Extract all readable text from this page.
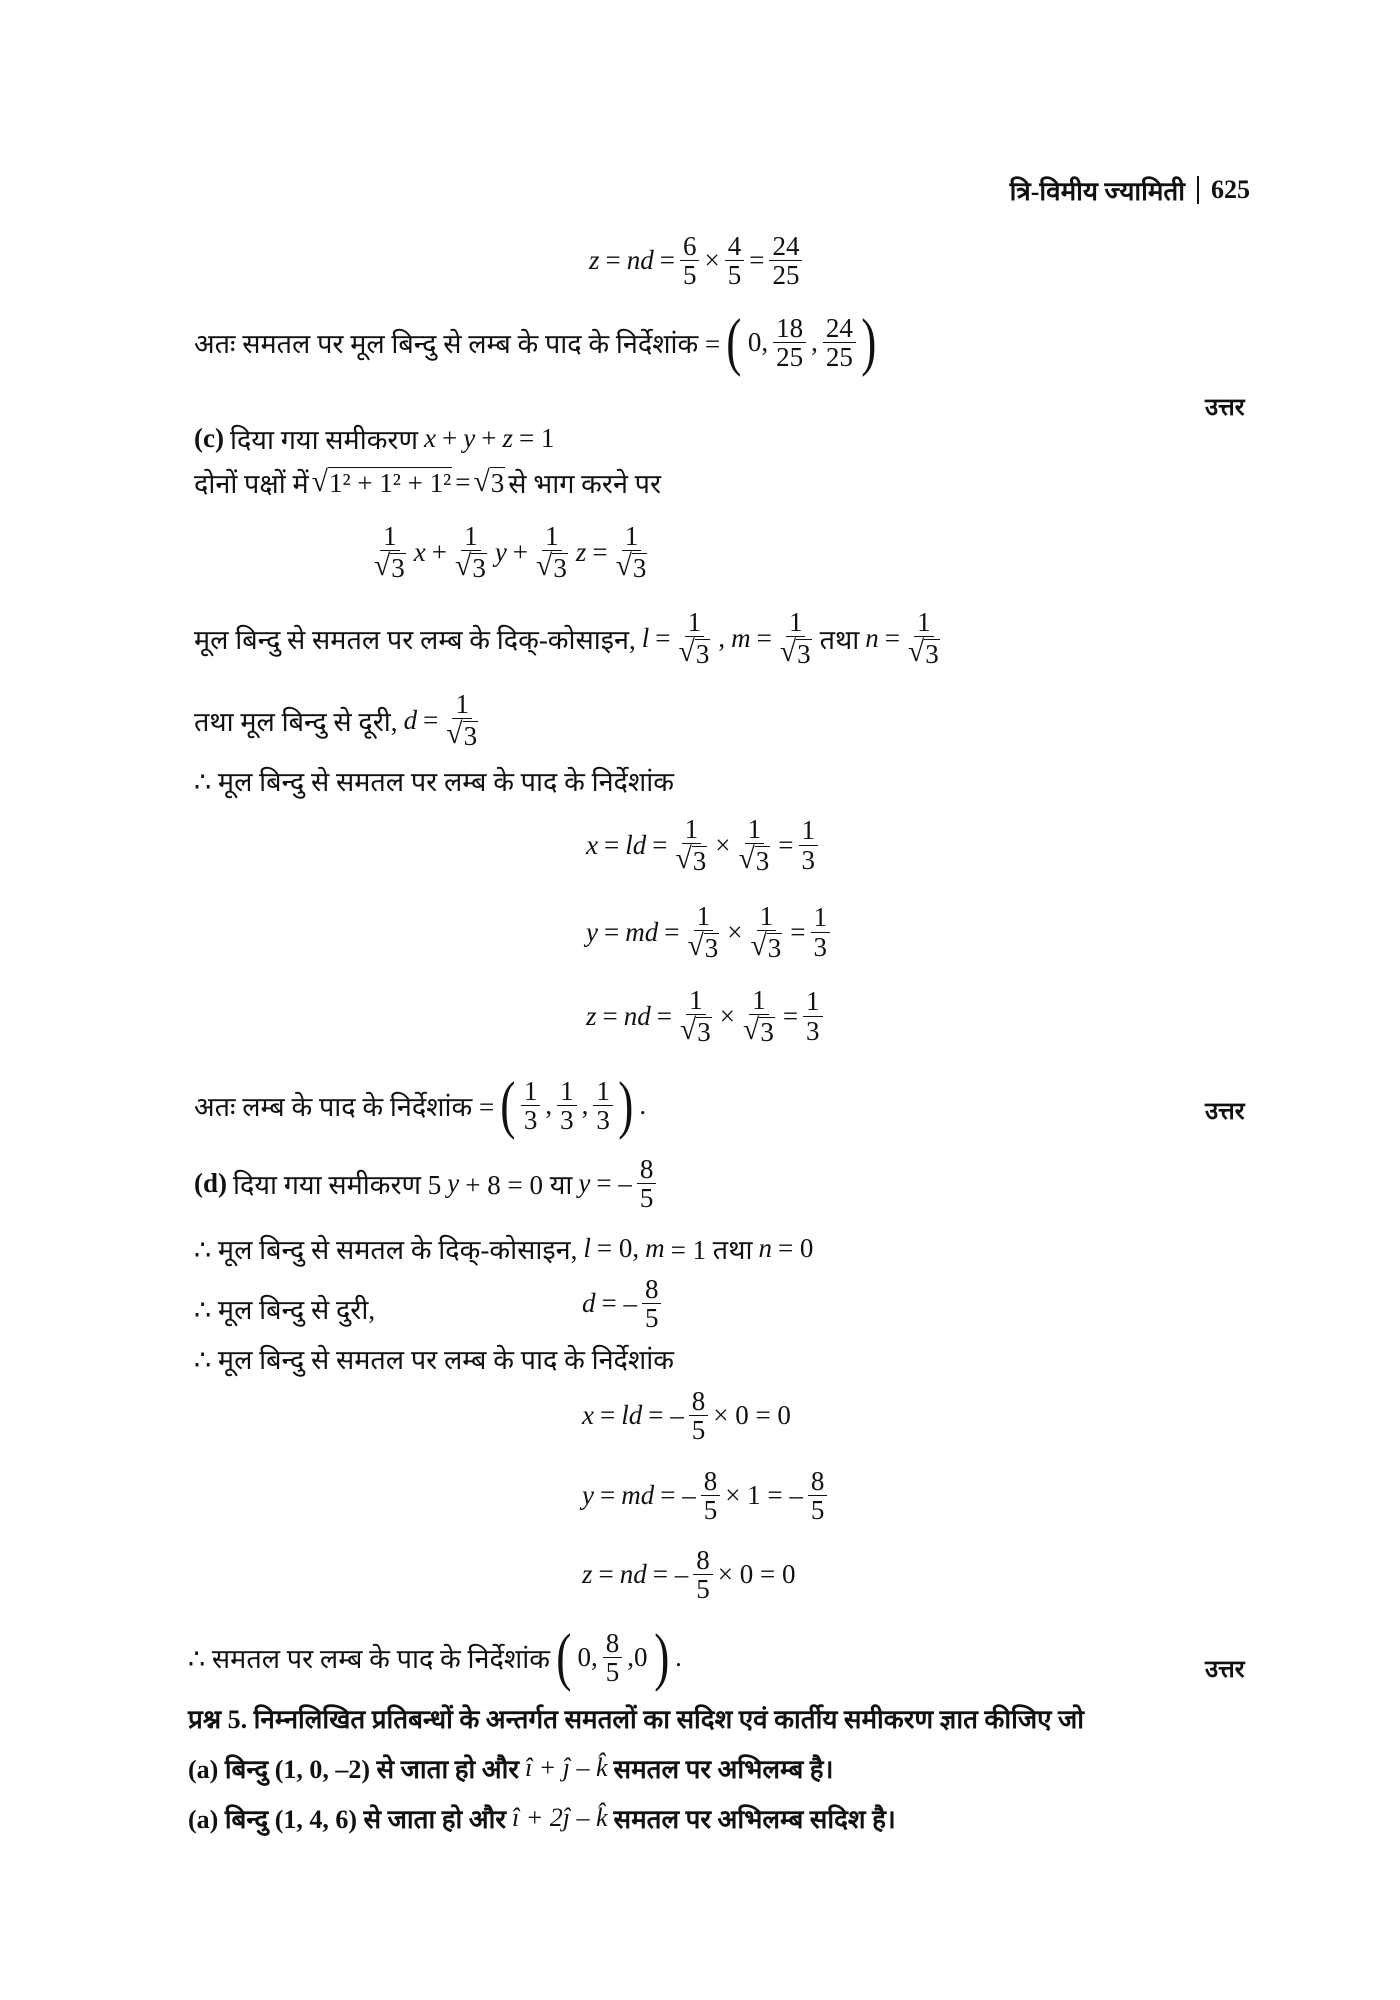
त्रि-विमीय ज्यामिती 625
z = nd = $\frac{6}{5} \times \frac{4}{5} = \frac{24}{25}$
अतः समतल पर मूल बिन्दु से लम्ब के पाद के निर्देशांक = ( 0, $\frac{18}{25}$ , $\frac{24}{25}$ )
उत्तर
(c) दिया गया समीकरण x + y + z = 1
दोनों पक्षों में √ 1² + 1² + 1² = √ 3 से भाग करने पर
$\frac{1}{√ 3}$ $x + \frac{1}{√ 3}$ $y + \frac{1}{√ 3}$ $z = \frac{1}{√ 3}$
मूल बिन्दु से समतल पर लम्ब के दिक्-कोसाइन, $l = \frac{1}{√ 3}$ , $m = \frac{1}{√ 3}$ तथा $n = \frac{1}{√ 3}$
तथा मूल बिन्दु से दूरी, $d = \frac{1}{√ 3}$
∴ मूल बिन्दु से समतल पर लम्ब के पाद के निर्देशांक
x = ld = $\frac{1}{√ 3} \times \frac{1}{√ 3} = \frac{1}{3}$
y = md = $\frac{1}{√ 3} \times \frac{1}{√ 3} = \frac{1}{3}$
z = nd = $\frac{1}{√ 3} \times \frac{1}{√ 3} = \frac{1}{3}$
अतः लम्ब के पाद के निर्देशांक = ( $\frac{1}{3}$ , $\frac{1}{3}$ , $\frac{1}{3}$ ) .	उत्तर
(d) दिया गया समीकरण 5 y + 8 = 0 या y = – $\frac{8}{5}$
∴ मूल बिन्दु से समतल के दिक्-कोसाइन, l = 0, m = 1 तथा n = 0
∴ मूल बिन्दु से दुरी,	d = – $\frac{8}{5}$
∴ मूल बिन्दु से समतल पर लम्ब के पाद के निर्देशांक
x = ld = – $\frac{8}{5} \times 0 = 0$
y = md = – $\frac{8}{5} \times 1$ = – $\frac{8}{5}$
z = nd = – $\frac{8}{5} \times 0 = 0$
∴ समतल पर लम्ब के पाद के निर्देशांक ( 0, $\frac{8}{5} ,0$ ) .	उत्तर
प्रश्न 5. निम्नलिखित प्रतिबन्धों के अन्तर्गत समतलों का सदिश एवं कार्तीय समीकरण ज्ञात कीजिए जो
(a) बिन्दु (1, 0, –2) से जाता हो और î + ĵ – k̂ समतल पर अभिलम्ब है।
(a) बिन्दु (1, 4, 6) से जाता हो और î + 2ĵ – k̂ समतल पर अभिलम्ब सदिश है।
